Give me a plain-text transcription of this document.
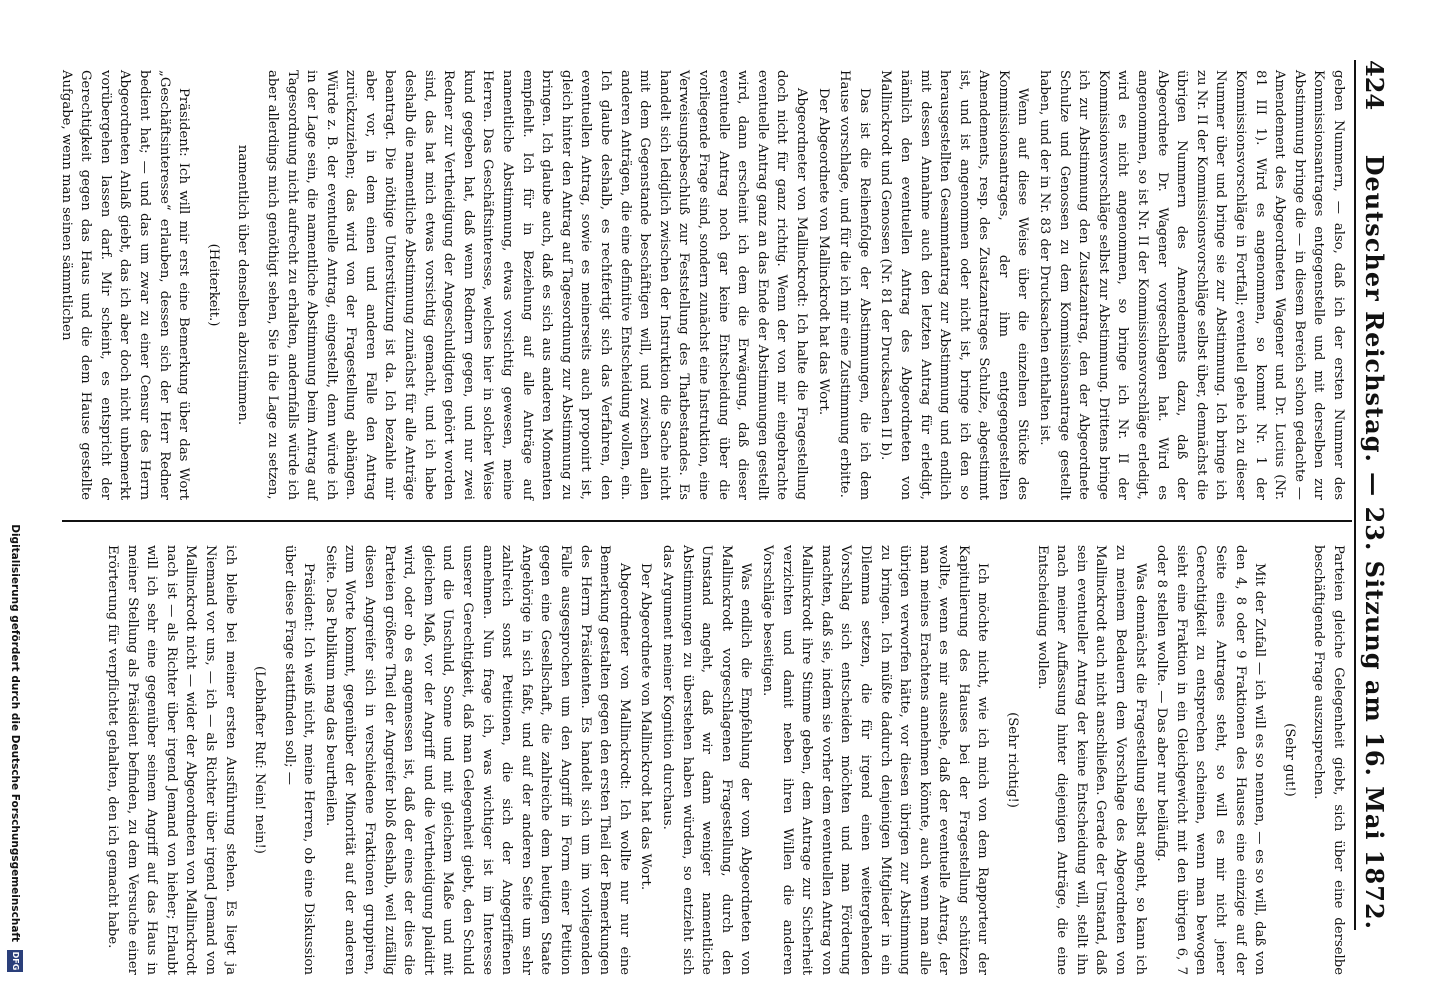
424
Deutscher Reichstag. — 23. Sitzung am 16. Mai 1872.

geben Nummern, — also, daß ich der ersten Nummer des Kommissionsantrages entgegenstelle und mit derselben zur Abstimmung bringe die — in diesem Bereich schon gedachte — Amendement des Abgeordneten Wagener und Dr. Lucius (Nr. 81 III 1). Wird es angenommen, so kommt Nr. 1 der Kommissionsvorschläge in Fortfall; eventuell gehe ich zu dieser Nummer über und bringe sie zur Abstimmung. Ich bringe ich zu Nr. II der Kommissionsvorschläge selbst über, demnächst die übrigen Nummern des Amendements dazu, daß der Abgeordnete Dr. Wagener vorgeschlagen hat. Wird es angenommen, so ist Nr. II der Kommissionsvorschläge erledigt, wird es nicht angenommen, so bringe ich Nr. II der Kommissionsvorschläge selbst zur Abstimmung. Drittens bringe ich zur Abstimmung den Zusatzantrag, den der Abgeordnete Schulze und Genossen zu dem Kommissionsantrage gestellt haben, und der in Nr. 83 der Drucksachen enthalten ist.

Wenn auf diese Weise über die einzelnen Stücke des Kommissionsantrages, der ihm entgegengestellten Amendements, resp. des Zusatzantrages Schulze, abgestimmt ist, und ist angenommen oder nicht ist, bringe ich den so herausgestellten Gesammtantrag zur Abstimmung und endlich mit dessen Annahme auch den letzten Antrag für erledigt, nämlich den eventuellen Antrag des Abgeordneten von Mallinckrodt und Genossen (Nr. 81 der Drucksachen II b).

Das ist die Reihenfolge der Abstimmungen, die ich dem Hause vorschlage, und für die ich mir eine Zustimmung erbitte.

Der Abgeordnete von Mallinckrodt hat das Wort.

Abgeordneter von Mallinckrodt: Ich halte die Fragestellung doch nicht für ganz richtig. Wenn der von mir eingebrachte eventuelle Antrag ganz an das Ende der Abstimmungen gestellt wird, dann erscheint ich dem die Erwägung, daß dieser eventuelle Antrag noch gar keine Entscheidung über die vorliegende Frage sind, sondern zunächst eine Instruktion, eine Verweisungsbeschluß zur Feststellung des Thatbestandes. Es handelt sich lediglich zwischen der Instruktion die Sache nicht mit dem Gegenstande beschäftigen will, und zwischen allen anderen Anträgen, die eine definitive Entscheidung wollen, ein. Ich glaube deshalb, es rechtfertigt sich das Verfahren, den eventuellen Antrag, sowie es meinerseits auch proponirt ist, gleich hinter den Antrag auf Tagesordnung zur Abstimmung zu bringen. Ich glaube auch, daß es sich aus anderen Momenten empfiehlt. Ich für in Beziehung auf alle Anträge auf namentliche Abstimmung, etwas vorsichtig gewesen, meine Herren. Das Geschäftsinteresse, welches hier in solcher Weise kund gegeben hat, daß wenn Rednern gegen, und nur zwei Redner zur Vertheidigung der Angeschuldigten gehört worden sind, das hat mich etwas vorsichtig gemacht, und ich habe deshalb die namentliche Abstimmung zunächst für alle Anträge beantragt. Die nöthige Unterstützung ist da. Ich bezahle mir aber vor, in dem einen und anderen Falle den Antrag zurückzuziehen; das wird von der Fragestellung abhängen. Würde z. B. der eventuelle Antrag, eingestellt, denn würde ich in der Lage sein, die namentliche Abstimmung beim Antrag auf Tagesordnung nicht aufrecht zu erhalten, andernfalls würde ich aber allerdings mich genöthigt sehen, Sie in die Lage zu setzen,

namentlich über denselben abzustimmen.

(Heiterkeit.)

Präsident: Ich will mir erst eine Bemerkung über das Wort „Geschäftsinteresse“ erlauben, dessen sich der Herr Redner bedient hat; — und das um zwar zu einer Censur des Herrn Abgeordneten Anlaß giebt, das ich aber doch nicht unbemerkt vorübergehen lassen darf. Mir scheint, es entspricht der Gerechtigkeit gegen das Haus und die dem Hause gestellte Aufgabe, wenn man seinen sämmtlichen

Parteien gleiche Gelegenheit giebt, sich über eine derselbe beschäftigende Frage auszusprechen.

(Sehr gut!)

Mit der Zufall — ich will es so nennen, — es so will, daß von den 4, 8 oder 9 Fraktionen des Hauses eine einzige auf der Seite eines Antrages steht, so will es mir nicht jener Gerechtigkeit zu entsprechen scheinen, wenn man bewogen sieht eine Fraktion in ein Gleichgewicht mit den übrigen 6, 7 oder 8 stellen wollte. — Das aber nur beiläufig.

Was demnächst die Fragestellung selbst angeht, so kann ich zu meinem Bedauern dem Vorschlage des Abgeordneten von Mallinckrodt auch nicht anschließen. Gerade der Umstand, daß sein eventueller Antrag der keine Entscheidung will, stellt ihn nach meiner Auffassung hinter diejenigen Anträge, die eine Entscheidung wollen.

(Sehr richtig!)

Ich möchte nicht, wie ich mich von dem Rapporteur der Kapitulierung des Hauses bei der Fragestellung schützen wollte, wenn es mir aussehe, daß der eventuelle Antrag, der man meines Erachtens annehmen könnte, auch wenn man alle übrigen verworfen hätte, vor diesen übrigen zur Abstimmung zu bringen. Ich müßte dadurch denjenigen Mitglieder in ein Dilemma setzen, die für irgend einen weitergehenden Vorschlag sich entscheiden möchten und man Förderung machten, daß sie, indem sie vorher dem eventuellen Antrag von Mallinckrodt ihre Stimme geben, dem Antrage zur Sicherheit verzichten und damit neben ihren Willen die anderen Vorschläge beseitigen.

Was endlich die Empfehlung der vom Abgeordneten von Mallinckrodt vorgeschlagenen Fragestellung, durch den Umstand angeht, daß wir dann weniger namentliche Abstimmungen zu überstehen haben würden, so entzieht sich das Argument meiner Kognition durchaus.

Der Abgeordnete von Mallinckrodt hat das Wort.

Abgeordneter von Mallinckrodt: Ich wollte nur nur eine Bemerkung gestalten gegen den ersten Theil der Bemerkungen des Herrn Präsidenten. Es handelt sich um im vorliegenden Falle ausgesprochen um den Angriff in Form einer Petition gegen eine Gesellschaft, die zahlreiche dem heutigen Staate Angehörige in sich faßt, und auf der anderen Seite um sehr zahlreich sonst Petitionen, die sich der Angegriffenen annehmen. Nun frage ich, was wichtiger ist im Interesse unserer Gerechtigkeit, daß man Gelegenheit giebt, den Schuld und die Unschuld, Sonne und mit gleichem Maße und mit gleichem Maß, vor der Angriff und die Vertheidigung plaidirt wird, oder ob es angemessen ist, daß der eines der dies die Parteien größere Theil der Angreifer bloß deshalb, weil zufällig diesen Angreifer sich in verschiedene Fraktionen gruppiren, zum Worte kommt, gegenüber der Minorität auf der anderen Seite. Das Publikum mag das beurtheilen.

Präsident: Ich weiß nicht, meine Herren, ob eine Diskussion über diese Frage stattfinden soll; —

(Lebhafter Ruf: Nein! nein!)

ich bleibe bei meiner ersten Ausführung stehen. Es liegt ja Niemand vor uns, — ich — als Richter über irgend Jemand von Mallinckrodt nicht — wider der Abgeordneten von Mallinckrodt nach ist — als Richter über irgend Jemand von hieher; Erlaubt will ich sehr eine gegenüber seinem Angriff auf das Haus in meiner Stellung als Präsident befinden, zu dem Versuche einer Erörterung für verpflichtet gehalten, den ich gemacht habe.

Digitalisierung gefördert durch die Deutsche Forschungsgemeinschaft
DFG
